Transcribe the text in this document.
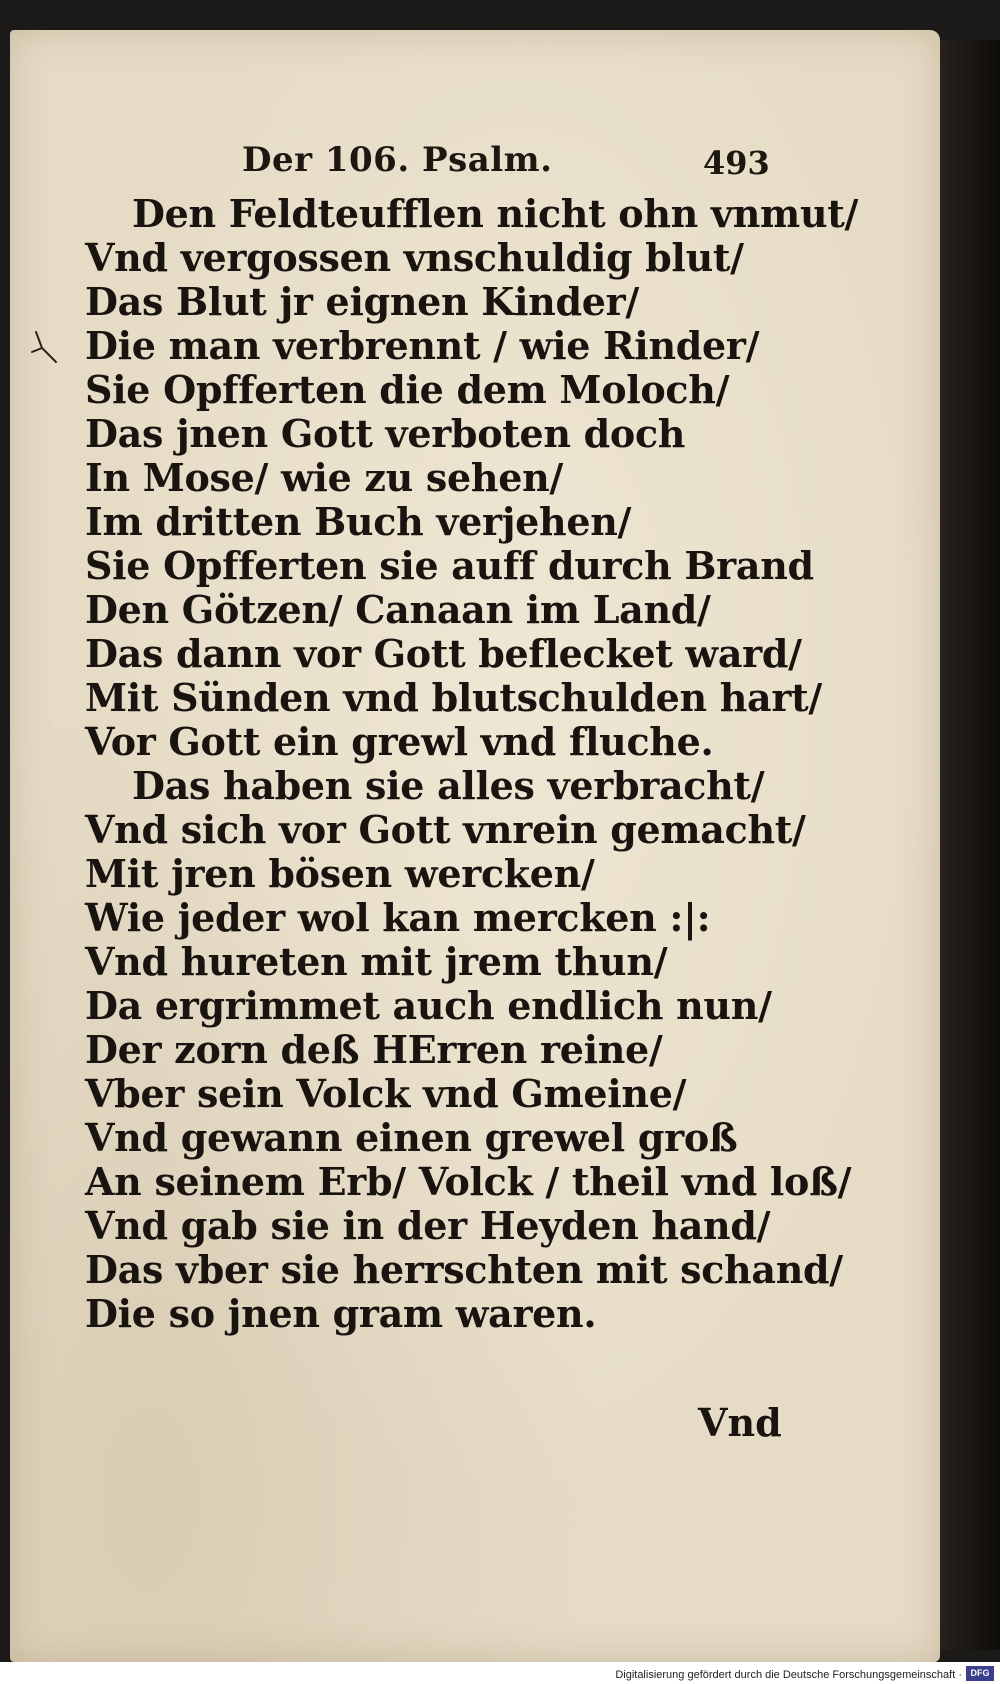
Der 106. Psalm.	493
Den Feldteufflen nicht ohn vnmut/
Vnd vergossen vnschuldig blut/
Das Blut jr eignen Kinder/
Die man verbrennt / wie Rinder/
Sie Opfferten die dem Moloch/
Das jnen Gott verboten doch
In Mose/ wie zu sehen/
Im dritten Buch verjehen/
Sie Opfferten sie auff durch Brand
Den Götzen/ Canaan im Land/
Das dann vor Gott beflecket ward/
Mit Sünden vnd blutschulden hart/
Vor Gott ein grewl vnd fluche.
Das haben sie alles verbracht/
Vnd sich vor Gott vnrein gemacht/
Mit jren bösen wercken/
Wie jeder wol kan mercken :|:
Vnd hureten mit jrem thun/
Da ergrimmet auch endlich nun/
Der zorn deß HErren reine/
Vber sein Volck vnd Gmeine/
Vnd gewann einen grewel groß
An seinem Erb/ Volck / theil vnd loß/
Vnd gab sie in der Heyden hand/
Das vber sie herrschten mit schand/
Die so jnen gram waren.
Vnd
Digitalisierung gefördert durch die Deutsche Forschungsgemeinschaft · DFG
